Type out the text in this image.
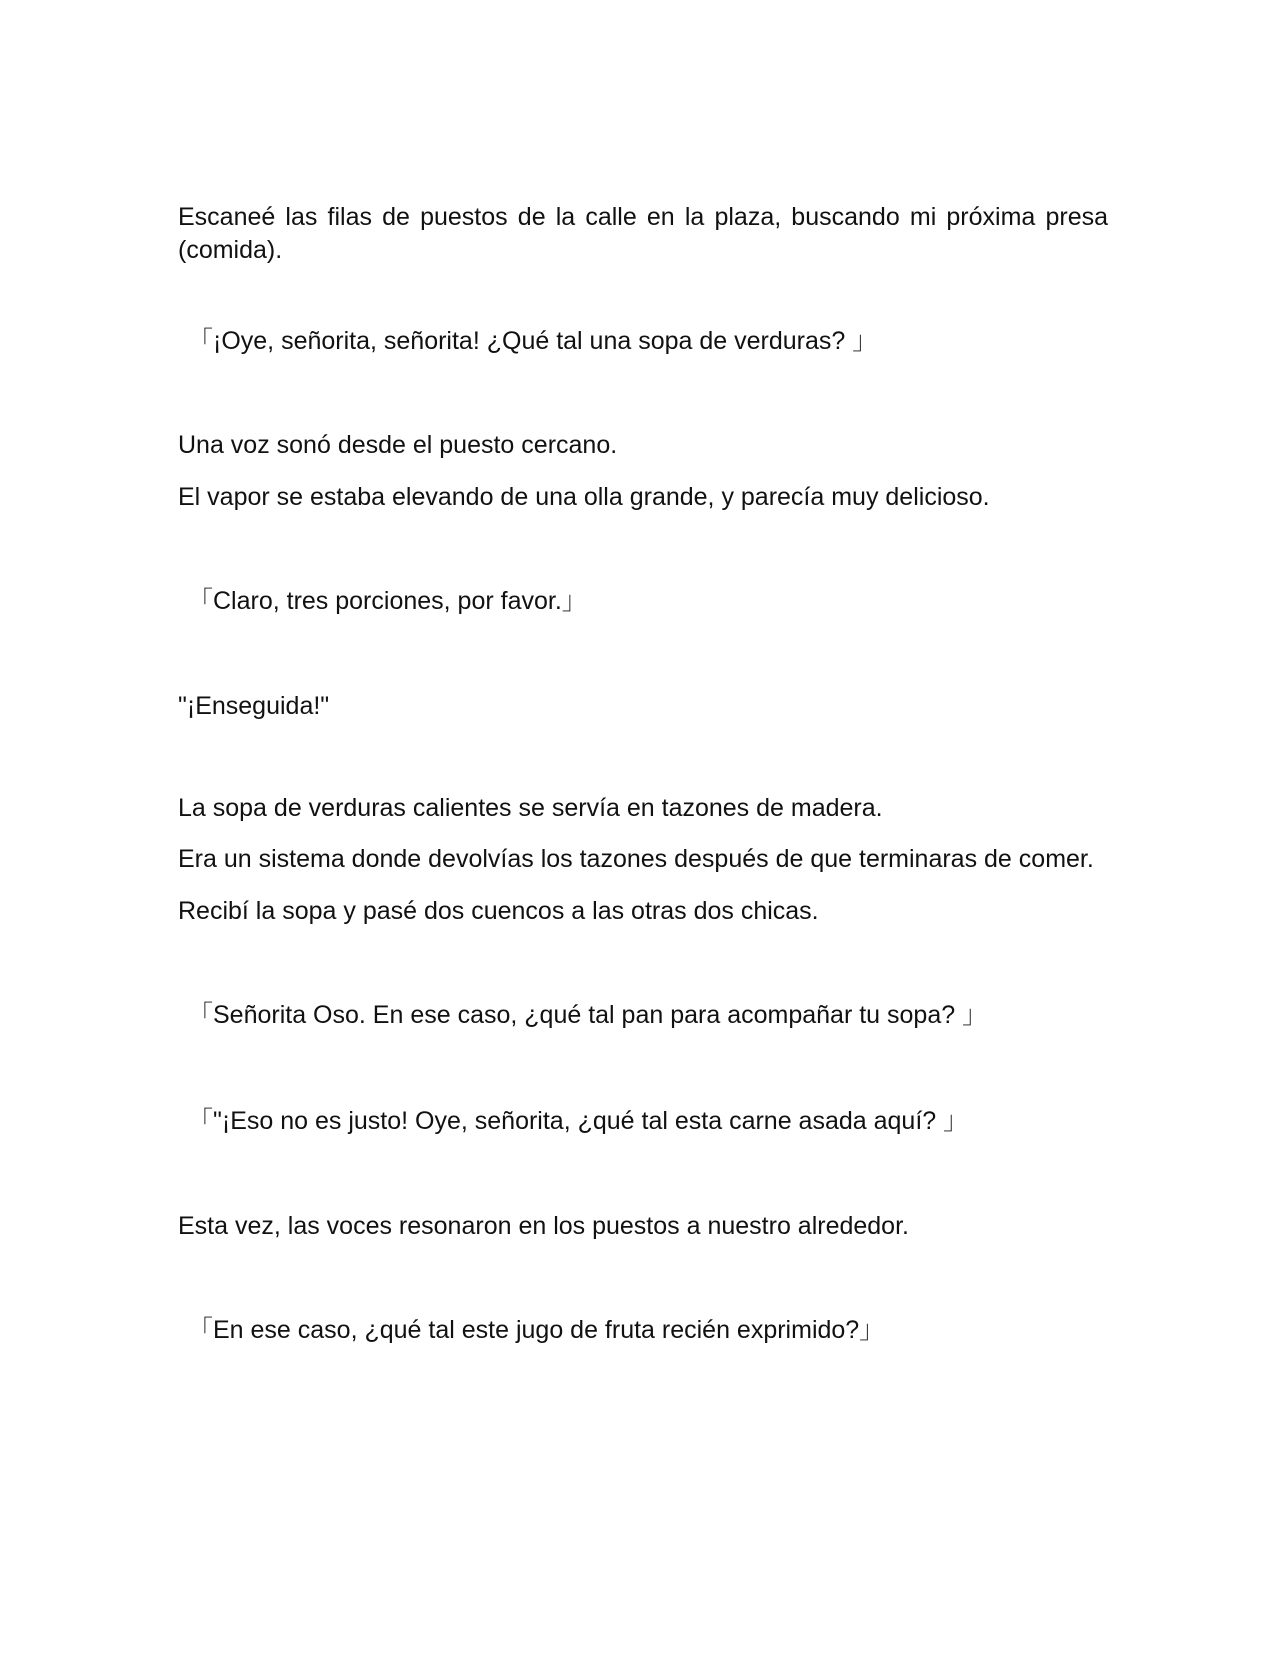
Escaneé las filas de puestos de la calle en la plaza, buscando mi próxima presa (comida).

「¡Oye, señorita, señorita! ¿Qué tal una sopa de verduras? 」

Una voz sonó desde el puesto cercano.

El vapor se estaba elevando de una olla grande, y parecía muy delicioso.

「Claro, tres porciones, por favor.」

"¡Enseguida!"

La sopa de verduras calientes se servía en tazones de madera.

Era un sistema donde devolvías los tazones después de que terminaras de comer.

Recibí la sopa y pasé dos cuencos a las otras dos chicas.

「Señorita Oso. En ese caso, ¿qué tal pan para acompañar tu sopa? 」

「"¡Eso no es justo! Oye, señorita, ¿qué tal esta carne asada aquí? 」

Esta vez, las voces resonaron en los puestos a nuestro alrededor.

「En ese caso, ¿qué tal este jugo de fruta recién exprimido?」
